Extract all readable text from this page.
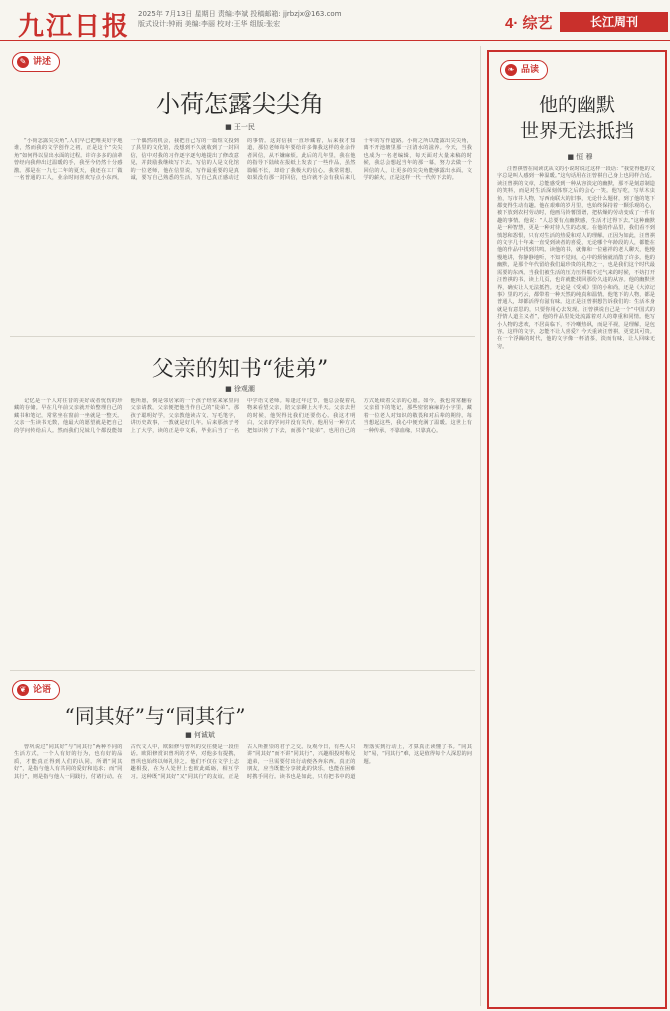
九江日报 2025年 7月13日 星期日 责编:李斌 投稿邮箱: jjrbzjx@163.com
版式设计:钟雨 美编:李丽 校对:王华 组版:张宏	4· 综艺	长江周刊
✎ 讲述
小荷怎露尖尖角
■ 王一民
“小荷怎露尖尖角”,人们早已把唯美好字地谁，然而我的文学创作之初，正是这个“尖尖角”如何得以显出水面的过程。许许多多的前辈曾经向我伸出过温暖的手，我至今仍然十分感激。那是在一九七二年的夏天，我还在工厂做一名普通的工人，业余时间喜欢写点小东西。一个偶然的机会，我把自己写的一篇短文投到了县里的文化馆，没想到不久就收到了一封回信，信中对我的习作逐字逐句地提出了修改意见，并鼓励我继续写下去。写信的人是文化馆的一位老师，他在信里说，写作最重要的是真诚，要写自己熟悉的生活，写自己真正感动过的事情。这封信我一直珍藏着，后来我才知道，那位老师每年要给许多像我这样的业余作者回信，从不嫌麻烦。此后的几年里，我在他的指导下陆续在报纸上发表了一些作品，虽然篇幅不长，却给了我极大的信心。我常常想，如果没有那一封回信，也许就不会有我后来几十年的写作道路。小荷之所以能露出尖尖角，离不开池塘里那一汪清水的滋养。今天，当我也成为一名老编辑，每天面对大量来稿的时候，我总会想起当年的那一幕，努力去做一个回信的人，让更多的尖尖角能够露出水面。文学的薪火，正是这样一代一代传下去的。
父亲的知书“徒弟”
■ 徐观潮
记忆是一个人对往昔的美好或者忧伤的珍藏的存储。早在几年前父亲就开始整理自己的藏书和笔记，常常坐在窗前一坐就是一整天。父亲一生读书无数，他最大的愿望就是把自己的学问传给后人。然而我们兄妹几个都没能如他所愿，倒是邻居家的一个孩子经常来家里向父亲请教，父亲便把他当作自己的“徒弟”。那孩子聪明好学，父亲教他读古文、写毛笔字，讲历史故事，一教就是好几年。后来那孩子考上了大学，读的正是中文系，毕业后当了一名中学语文老师。每逢过年过节，他总会提着礼物来看望父亲，陪父亲聊上大半天。父亲去世的时候，他哭得比我们还要伤心。我这才明白，父亲的学问并没有失传，他用另一种方式把知识传了下去，而那个“徒弟”，也用自己的方式延续着父亲的心愿。如今，我也常常翻看父亲留下的笔记，那些密密麻麻的小字里，藏着一位老人对知识的敬畏和对后辈的期待。每当想起这些，我心中便充满了温暖。这世上有一种传承，不靠血缘，只靠真心。
❦ 论语
“同其好”与“同其行”
■ 何诚斌
曾巩说过“同其好”与“同其行”两种不同的生活方式，一个人有好的行为，也有好的品质，才能真正得到人们的认同。所谓“同其好”，是指与他人有共同的爱好和追求；而“同其行”，则是指与他人一同践行，付诸行动。在古代文人中，欧阳修与曾巩的交往便是一段佳话。欧阳修赏识曾巩的才华，对他多有提携，曾巩也始终以师礼待之。他们不仅在文学上志趣相投，在为人处世上也彼此砥砺，相互学习。这种既“同其好”又“同其行”的友谊，正是古人所推崇的君子之交。反观今日，有些人只讲“同其好”而不讲“同其行”，兴趣相投时称兄道弟，一旦需要付出行动便各奔东西。真正的朋友，应当既能分享彼此的快乐，也能在困难时携手同行。读书也是如此，只有把书中的道理落实到行动上，才算真正读懂了书。“同其好”易，“同其行”难，这是值得每个人深思的问题。
❧ 品读
他的幽默
世界无法抵挡
■ 恒 穆
汪曾祺曾在阅读沈从文的小说时说过这样一段话：“我觉得他的文字总是叫人感到一种温暖。”这句话用在汪曾祺自己身上也同样合适。读汪曾祺的文章，总能感受到一种从容淡定的幽默，那不是刻意制造的笑料，而是对生活深刻体察之后的会心一笑。他写吃，写草木虫鱼，写市井人物，写西南联大的旧事，无论什么题材，到了他的笔下都变得生动有趣。他在艰难的岁月里，也始终保持着一颗乐观的心，被下放到农村劳动时，他画马铃薯图谱，把枯燥的劳动变成了一件有趣的事情。他说：“人总要有点幽默感，生活才过得下去。”这种幽默是一种智慧，更是一种对待人生的态度。在他的作品里，我们看不到愤怒和怨恨，只有对生活的热爱和对人的理解。正因为如此，汪曾祺的文字几十年来一直受到读者的喜爱，无论哪个年龄段的人，都能在他的作品中找到共鸣。读他的书，就像和一位慈祥的老人聊天，他慢慢地讲，你静静地听，不知不觉间，心中的烦恼就消散了许多。他的幽默，是那个年代留给我们最珍贵的礼物之一，也是我们这个时代最需要的东西。当我们被生活的压力压得喘不过气来的时候，不妨打开汪曾祺的书，读上几页，也许就能找回那份久违的从容。他的幽默世界，确实让人无法抵挡。无论是《受戒》里的小和尚，还是《大淖记事》里的巧云，都带着一种天然的纯真和温情。他笔下的人物，都是普通人，却都活得有滋有味。这正是汪曾祺想告诉我们的：生活本身就是有意思的，只要你用心去发现。汪曾祺说自己是一个“中国式的抒情人道主义者”，他的作品里处处流露着对人的尊重和同情。他写小人物的悲欢，不居高临下，不冷嘲热讽，而是平视，是理解，是包容。这样的文字，怎能不让人喜爱？今天重读汪曾祺，更觉其可贵。在一个浮躁的时代，他的文字像一杯清茶，淡而有味，让人回味无穷。
